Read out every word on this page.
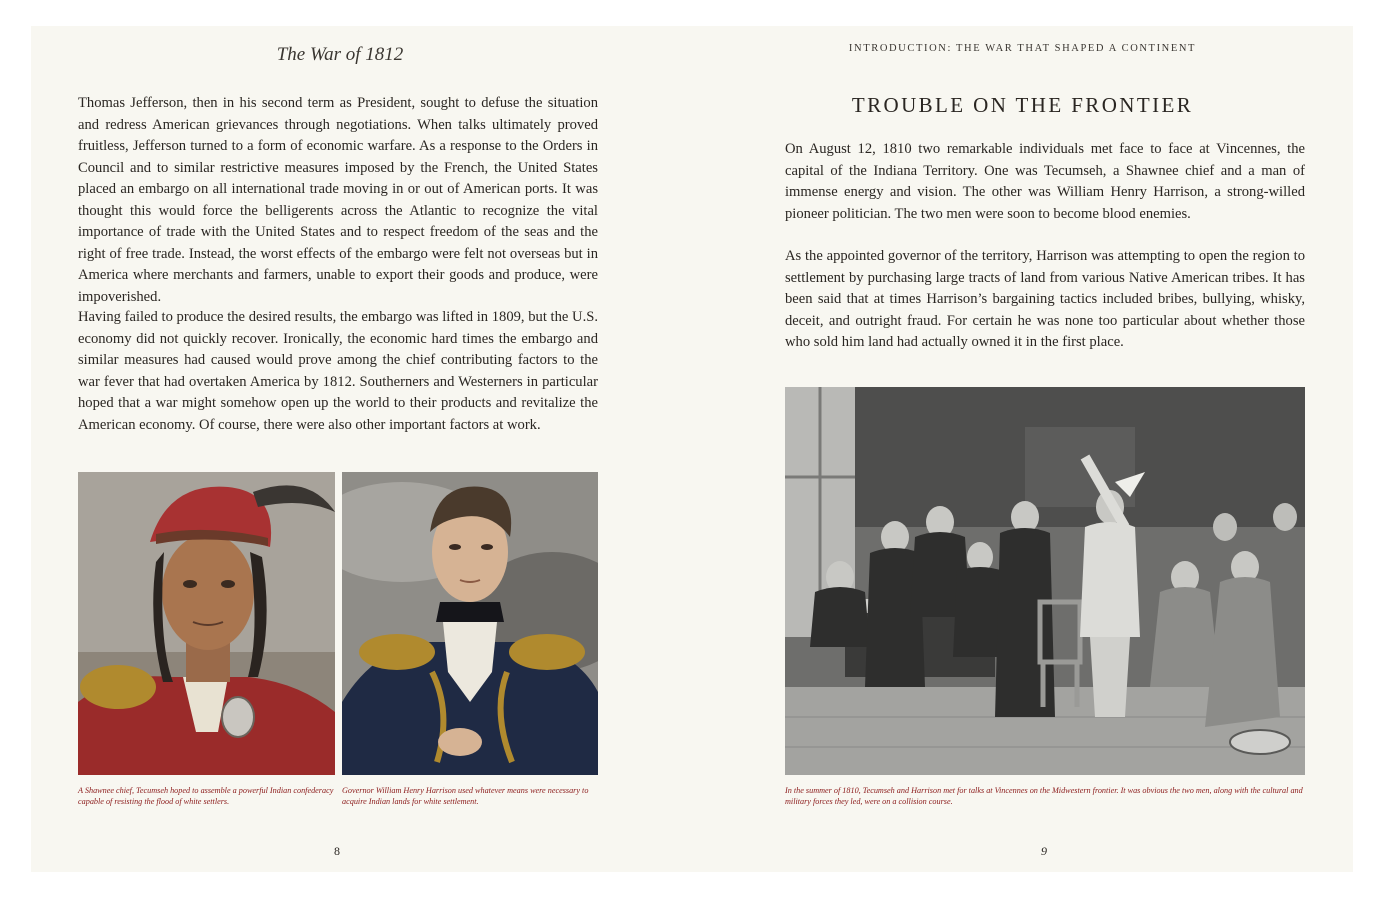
The War of 1812

Thomas Jefferson, then in his second term as President, sought to defuse the situation and redress American grievances through negotiations. When talks ultimately proved fruitless, Jefferson turned to a form of economic warfare. As a response to the Orders in Council and to similar restrictive measures imposed by the French, the United States placed an embargo on all international trade moving in or out of American ports. It was thought this would force the belligerents across the Atlantic to recognize the vital importance of trade with the United States and to respect freedom of the seas and the right of free trade. Instead, the worst effects of the embargo were felt not overseas but in America where merchants and farmers, unable to export their goods and produce, were impoverished.

Having failed to produce the desired results, the embargo was lifted in 1809, but the U.S. economy did not quickly recover. Ironically, the economic hard times the embargo and similar measures had caused would prove among the chief contributing factors to the war fever that had overtaken America by 1812. Southerners and Westerners in particular hoped that a war might somehow open up the world to their products and revitalize the American economy. Of course, there were also other important factors at work.

A Shawnee chief, Tecumseh hoped to assemble a powerful Indian confederacy capable of resisting the flood of white settlers.

Governor William Henry Harrison used whatever means were necessary to acquire Indian lands for white settlement.

8
INTRODUCTION: THE WAR THAT SHAPED A CONTINENT
TROUBLE ON THE FRONTIER

On August 12, 1810 two remarkable individuals met face to face at Vincennes, the capital of the Indiana Territory. One was Tecumseh, a Shawnee chief and a man of immense energy and vision. The other was William Henry Harrison, a strong-willed pioneer politician. The two men were soon to become blood enemies.

As the appointed governor of the territory, Harrison was attempting to open the region to settlement by purchasing large tracts of land from various Native American tribes. It has been said that at times Harrison’s bargaining tactics included bribes, bullying, whisky, deceit, and outright fraud. For certain he was none too particular about whether those who sold him land had actually owned it in the first place.

In the summer of 1810, Tecumseh and Harrison met for talks at Vincennes on the Midwestern frontier. It was obvious the two men, along with the cultural and military forces they led, were on a collision course.

9
